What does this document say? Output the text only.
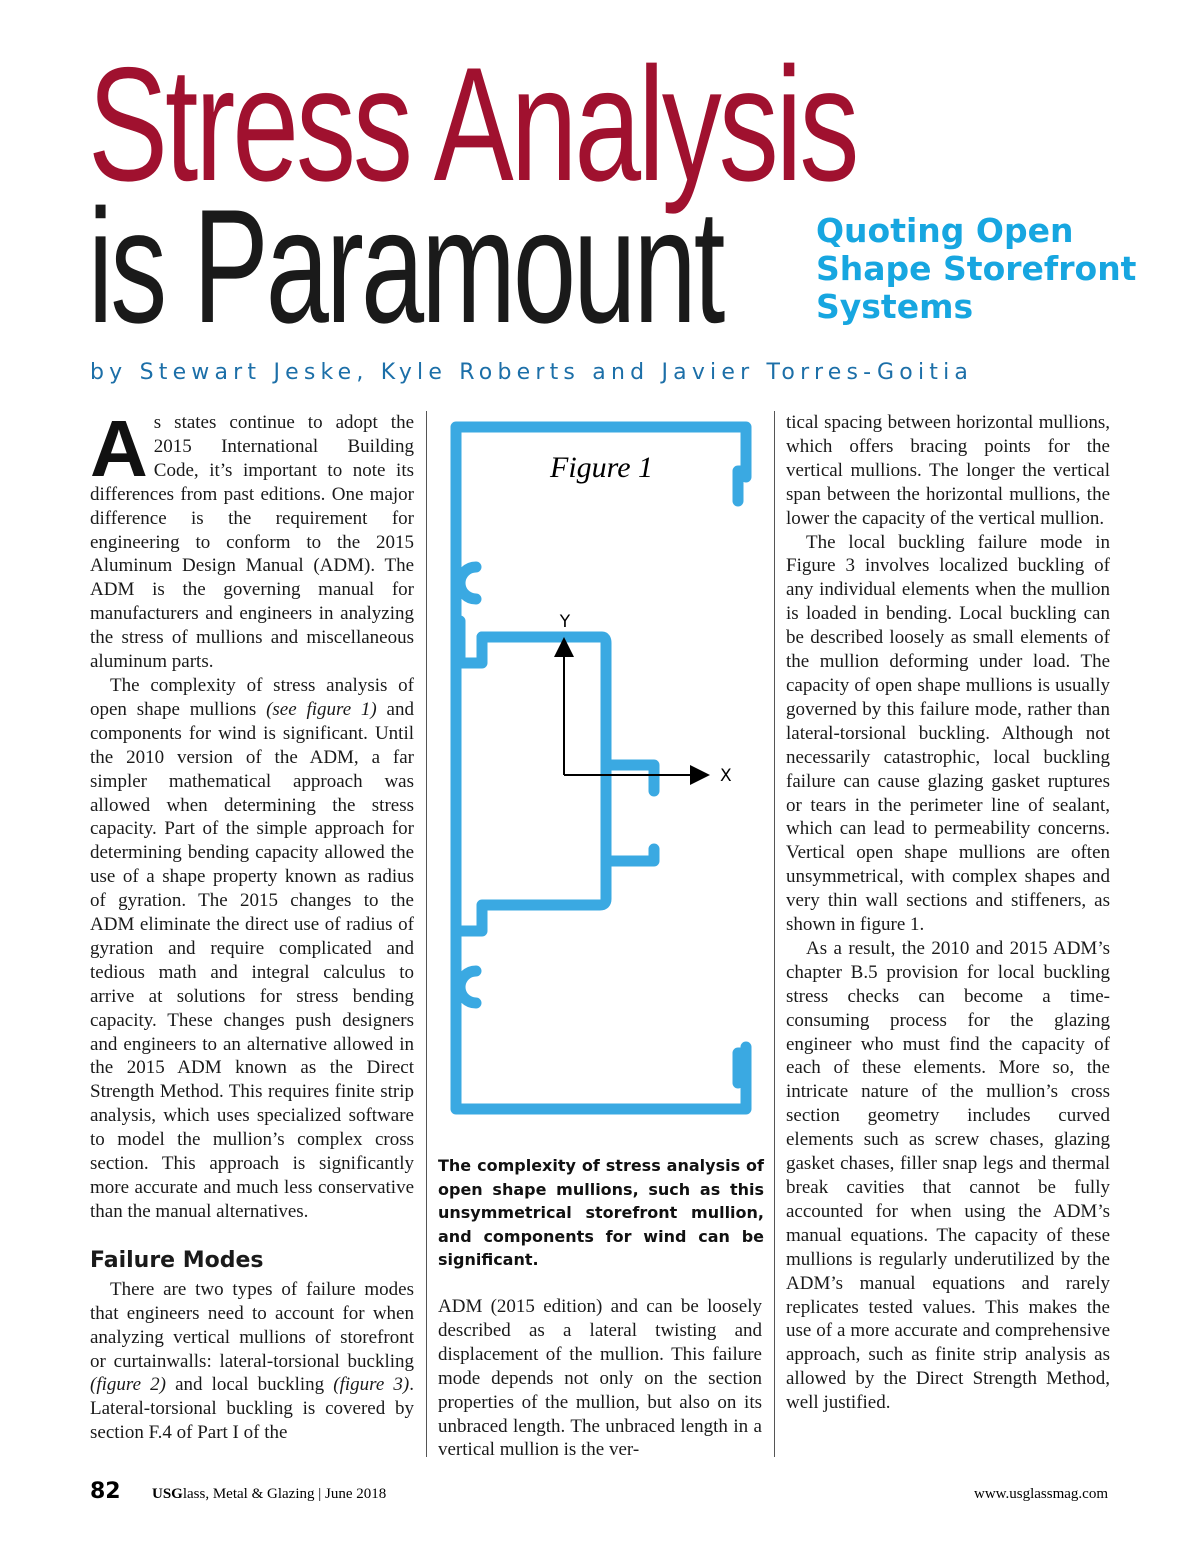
Stress Analysis
is Paramount	Quoting Open Shape Storefront Systems
by Stewart Jeske, Kyle Roberts and Javier Torres-Goitia

As states continue to adopt the 2015 International Building Code, it’s important to note its differences from past editions. One major difference is the requirement for engineering to conform to the 2015 Aluminum Design Manual (ADM). The ADM is the governing manual for manufacturers and engineers in analyzing the stress of mullions and miscellaneous aluminum parts.

The complexity of stress analysis of open shape mullions (see figure 1) and components for wind is significant. Until the 2010 version of the ADM, a far simpler mathematical approach was allowed when determining the stress capacity. Part of the simple approach for determining bending capacity allowed the use of a shape property known as radius of gyration. The 2015 changes to the ADM eliminate the direct use of radius of gyration and require complicated and tedious math and integral calculus to arrive at solutions for stress bending capacity. These changes push designers and engineers to an alternative allowed in the 2015 ADM known as the Direct Strength Method. This requires finite strip analysis, which uses specialized software to model the mullion’s complex cross section. This approach is significantly more accurate and much less conservative than the manual alternatives.

Failure Modes

There are two types of failure modes that engineers need to account for when analyzing vertical mullions of storefront or curtainwalls: lateral-torsional buckling (figure 2) and local buckling (figure 3). Lateral-torsional buckling is covered by section F.4 of Part I of the

Y
X
Figure 1
The complexity of stress analysis of open shape mullions, such as this unsymmetrical storefront mullion, and components for wind can be significant.

ADM (2015 edition) and can be loosely described as a lateral twisting and displacement of the mullion. This failure mode depends not only on the section properties of the mullion, but also on its unbraced length. The unbraced length in a vertical mullion is the ver-

tical spacing between horizontal mullions, which offers bracing points for the vertical mullions. The longer the vertical span between the horizontal mullions, the lower the capacity of the vertical mullion.

The local buckling failure mode in Figure 3 involves localized buckling of any individual elements when the mullion is loaded in bending. Local buckling can be described loosely as small elements of the mullion deforming under load. The capacity of open shape mullions is usually governed by this failure mode, rather than lateral-torsional buckling. Although not necessarily catastrophic, local buckling failure can cause glazing gasket ruptures or tears in the perimeter line of sealant, which can lead to permeability concerns. Vertical open shape mullions are often unsymmetrical, with complex shapes and very thin wall sections and stiffeners, as shown in figure 1.

As a result, the 2010 and 2015 ADM’s chapter B.5 provision for local buckling stress checks can become a time-consuming process for the glazing engineer who must find the capacity of each of these elements. More so, the intricate nature of the mullion’s cross section geometry includes curved elements such as screw chases, glazing gasket chases, filler snap legs and thermal break cavities that cannot be fully accounted for when using the ADM’s manual equations. The capacity of these mullions is regularly underutilized by the ADM’s manual equations and rarely replicates tested values. This makes the use of a more accurate and comprehensive approach, such as finite strip analysis as allowed by the Direct Strength Method, well justified.

82 USGlass, Metal & Glazing | June 2018	www.usglassmag.com
